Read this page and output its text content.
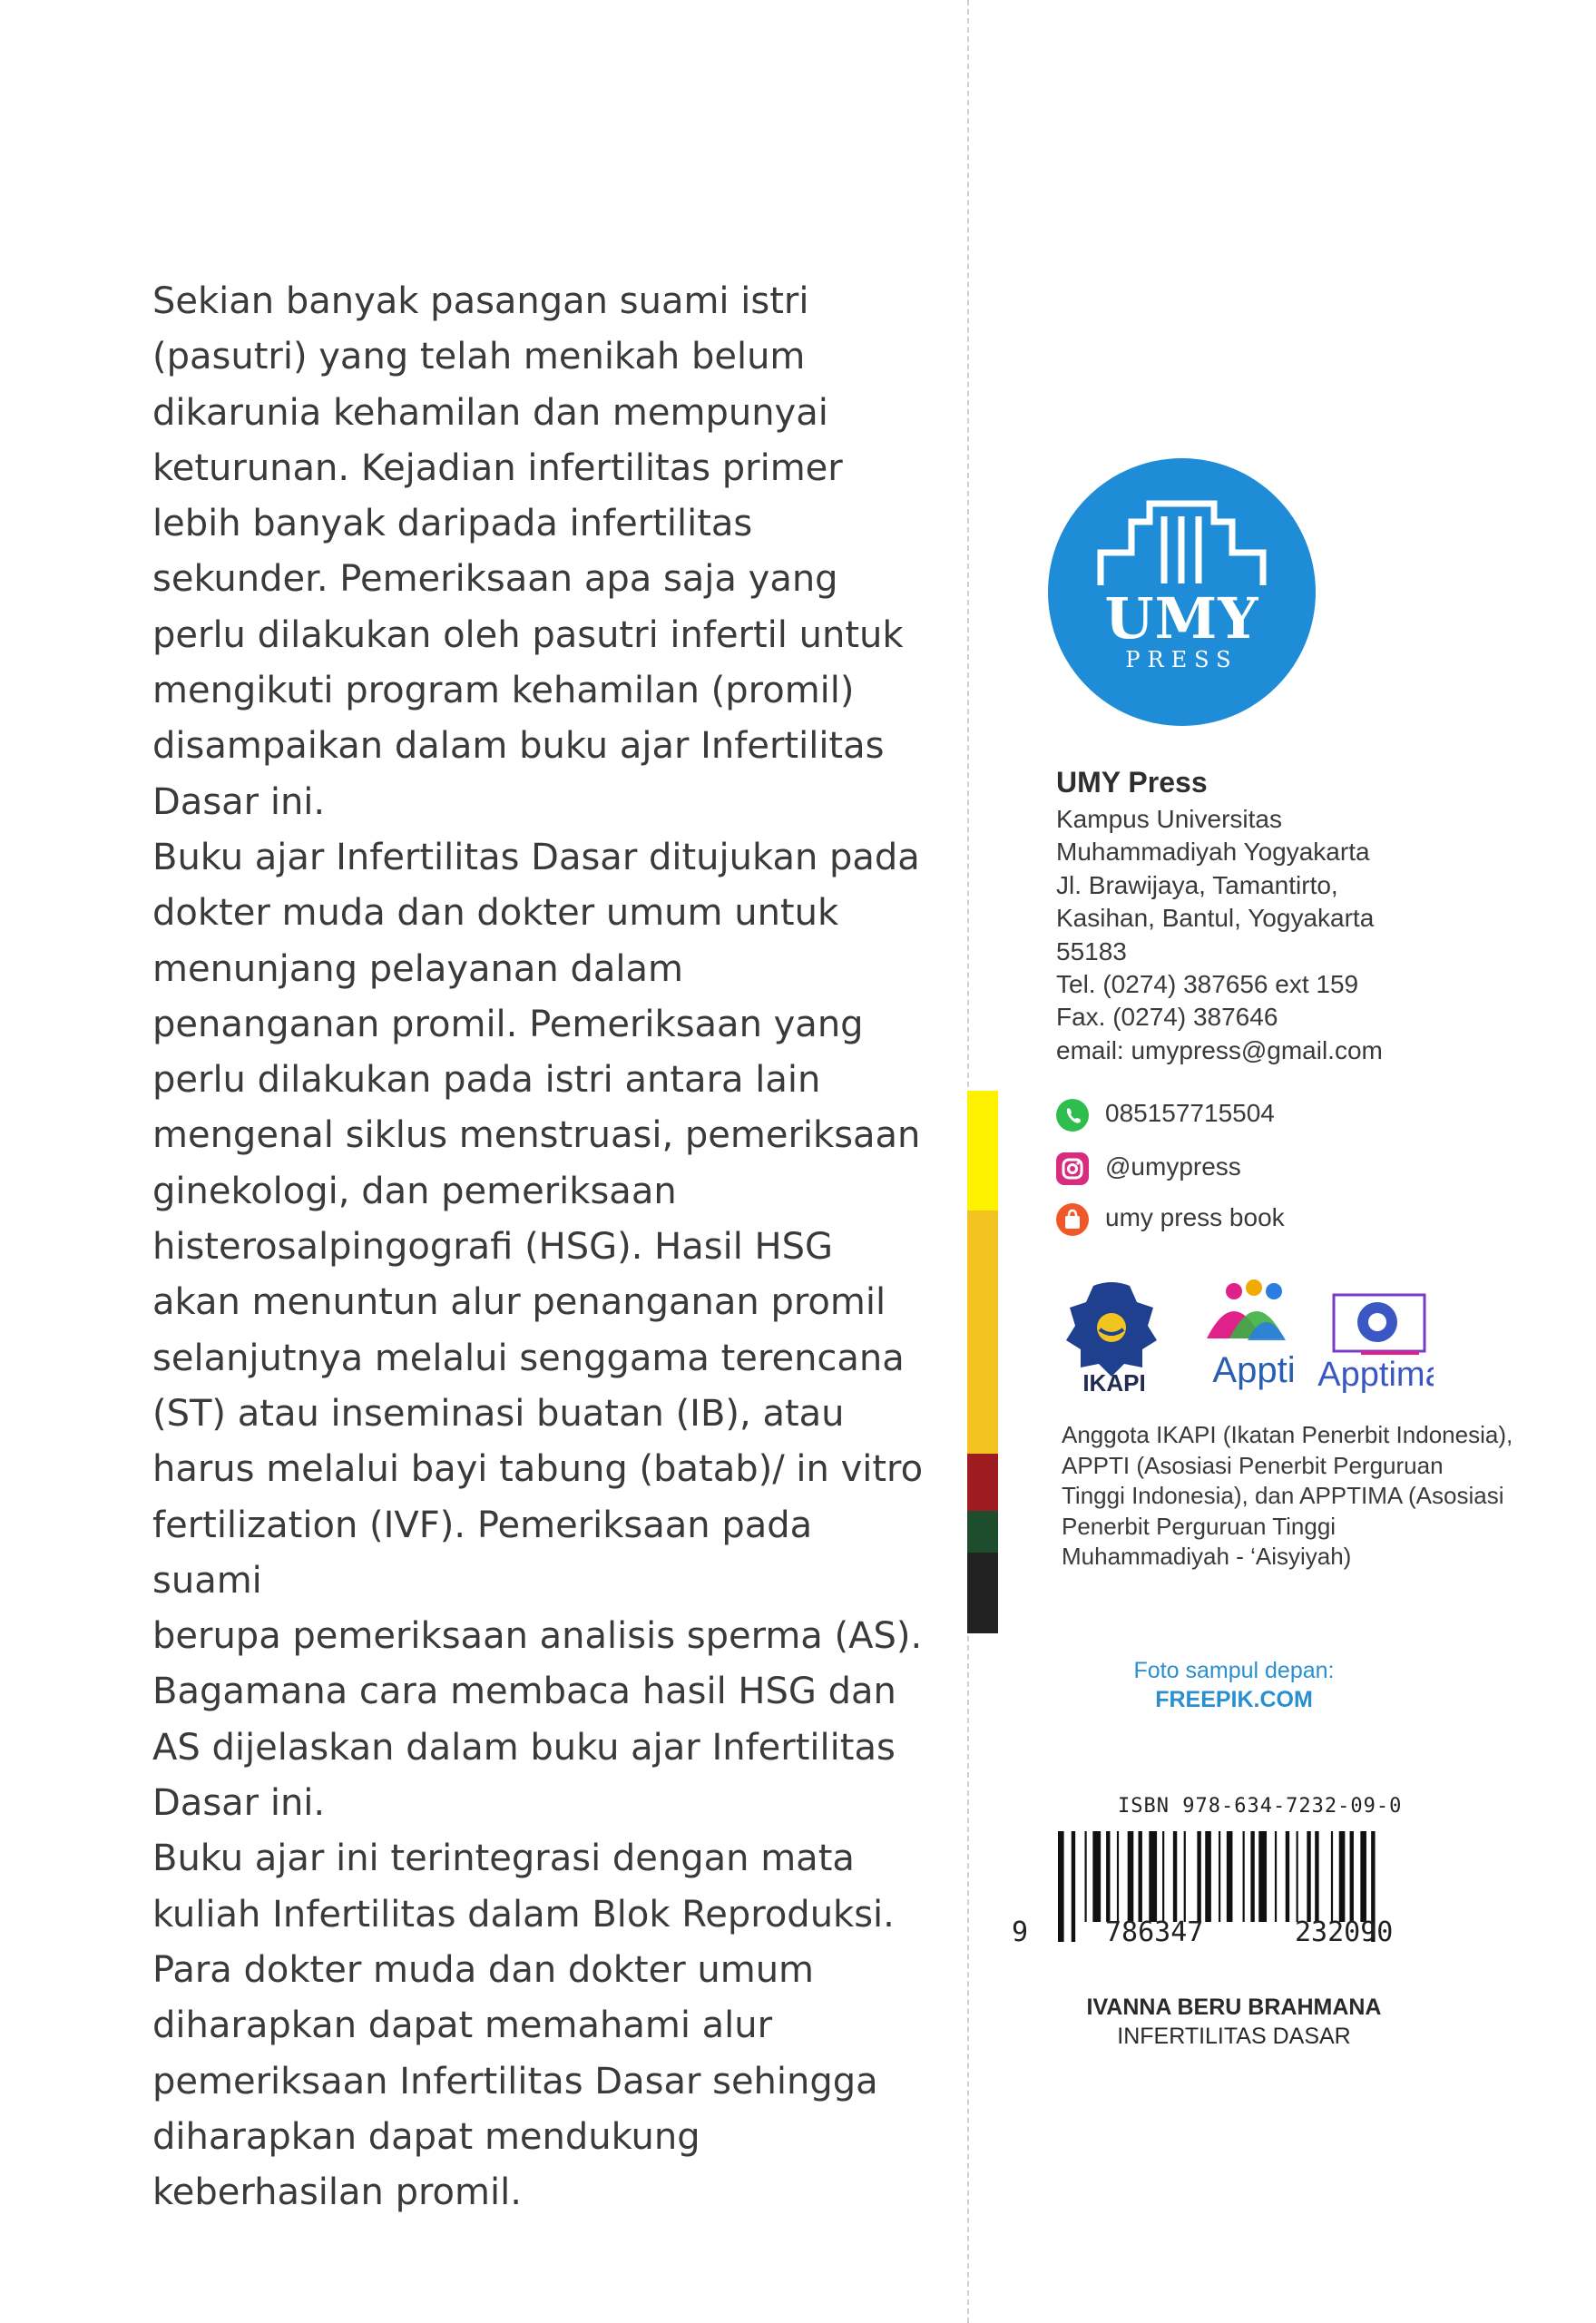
Sekian banyak pasangan suami istri
(pasutri) yang telah menikah belum
dikarunia kehamilan dan mempunyai
keturunan. Kejadian infertilitas primer
lebih banyak daripada infertilitas
sekunder. Pemeriksaan apa saja yang
perlu dilakukan oleh pasutri infertil untuk
mengikuti program kehamilan (promil)
disampaikan dalam buku ajar Infertilitas
Dasar ini.

Buku ajar Infertilitas Dasar ditujukan pada
dokter muda dan dokter umum untuk
menunjang pelayanan dalam
penanganan promil. Pemeriksaan yang
perlu dilakukan pada istri antara lain
mengenal siklus menstruasi, pemeriksaan
ginekologi, dan pemeriksaan
histerosalpingografi (HSG). Hasil HSG
akan menuntun alur penanganan promil
selanjutnya melalui senggama terencana
(ST) atau inseminasi buatan (IB), atau
harus melalui bayi tabung (batab)/ in vitro
fertilization (IVF). Pemeriksaan pada suami
berupa pemeriksaan analisis sperma (AS).
Bagamana cara membaca hasil HSG dan
AS dijelaskan dalam buku ajar Infertilitas
Dasar ini.

Buku ajar ini terintegrasi dengan mata
kuliah Infertilitas dalam Blok Reproduksi.
Para dokter muda dan dokter umum
diharapkan dapat memahami alur
pemeriksaan Infertilitas Dasar sehingga
diharapkan dapat mendukung
keberhasilan promil.

UMY
PRESS
UMY Press
Kampus Universitas
Muhammadiyah Yogyakarta
Jl. Brawijaya, Tamantirto,
Kasihan, Bantul, Yogyakarta
55183
Tel. (0274) 387656 ext 159
Fax. (0274) 387646
email: umypress@gmail.com
085157715504
@umypress
umy press book
IKAPI Appti Apptima
Anggota IKAPI (Ikatan Penerbit Indonesia),
APPTI (Asosiasi Penerbit Perguruan
Tinggi Indonesia), dan APPTIMA (Asosiasi
Penerbit Perguruan Tinggi
Muhammadiyah - ‘Aisyiyah)
Foto sampul depan:
FREEPIK.COM
ISBN 978-634-7232-09-0
9	786347	232090
IVANNA BERU BRAHMANA
INFERTILITAS DASAR
